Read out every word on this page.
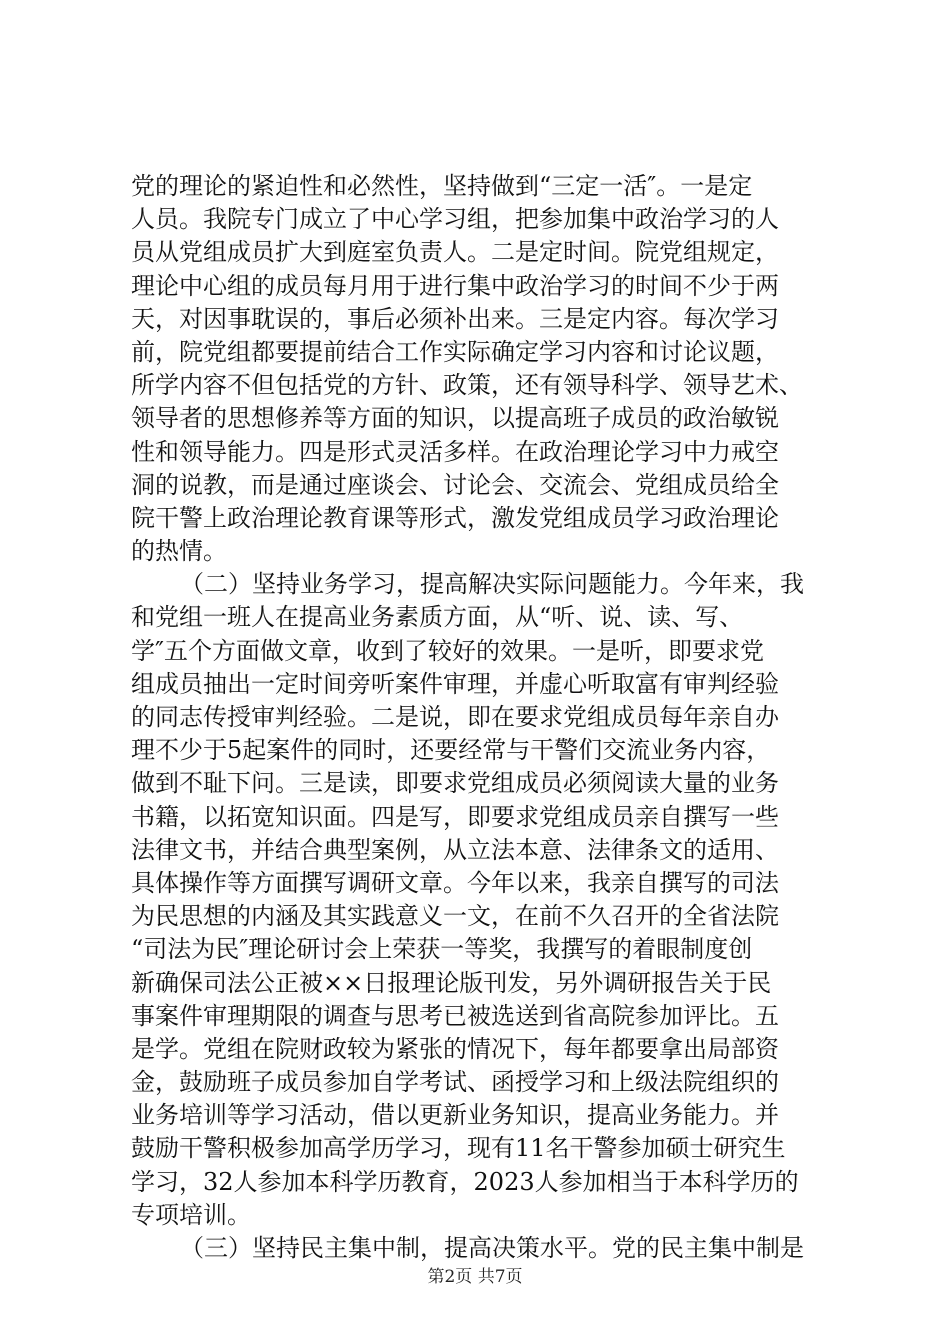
党的理论的紧迫性和必然性，坚持做到“三定一活″。一是定
人员。我院专门成立了中心学习组，把参加集中政治学习的人
员从党组成员扩大到庭室负责人。二是定时间。院党组规定，
理论中心组的成员每月用于进行集中政治学习的时间不少于两
天，对因事耽误的，事后必须补出来。三是定内容。每次学习
前，院党组都要提前结合工作实际确定学习内容和讨论议题，
所学内容不但包括党的方针、政策，还有领导科学、领导艺术、
领导者的思想修养等方面的知识，以提高班子成员的政治敏锐
性和领导能力。四是形式灵活多样。在政治理论学习中力戒空
洞的说教，而是通过座谈会、讨论会、交流会、党组成员给全
院干警上政治理论教育课等形式，激发党组成员学习政治理论
的热情。
（二）坚持业务学习，提高解决实际问题能力。今年来，我
和党组一班人在提高业务素质方面，从“听、说、读、写、
学″五个方面做文章，收到了较好的效果。一是听，即要求党
组成员抽出一定时间旁听案件审理，并虚心听取富有审判经验
的同志传授审判经验。二是说，即在要求党组成员每年亲自办
理不少于5起案件的同时，还要经常与干警们交流业务内容，
做到不耻下问。三是读，即要求党组成员必须阅读大量的业务
书籍，以拓宽知识面。四是写，即要求党组成员亲自撰写一些
法律文书，并结合典型案例，从立法本意、法律条文的适用、
具体操作等方面撰写调研文章。今年以来，我亲自撰写的司法
为民思想的内涵及其实践意义一文，在前不久召开的全省法院
“司法为民″理论研讨会上荣获一等奖，我撰写的着眼制度创
新确保司法公正被××日报理论版刊发，另外调研报告关于民
事案件审理期限的调查与思考已被选送到省高院参加评比。五
是学。党组在院财政较为紧张的情况下，每年都要拿出局部资
金，鼓励班子成员参加自学考试、函授学习和上级法院组织的
业务培训等学习活动，借以更新业务知识，提高业务能力。并
鼓励干警积极参加高学历学习，现有11名干警参加硕士研究生
学习，32人参加本科学历教育，2023人参加相当于本科学历的
专项培训。
（三）坚持民主集中制，提高决策水平。党的民主集中制是
第2页 共7页
